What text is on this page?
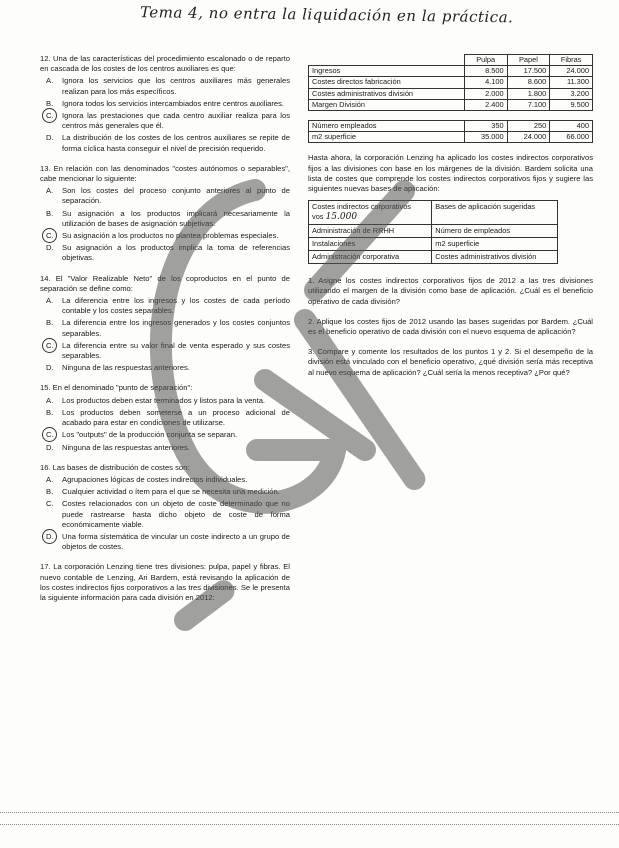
Tema 4, no entra la liquidación en la práctica.
12. Una de las características del procedimiento escalonado o de reparto en cascada de los costes de los centros auxiliares es que:
A.	Ignora los servicios que los centros auxiliares más generales realizan para los más específicos.
B.	Ignora todos los servicios intercambiados entre centros auxiliares.
C.	Ignora las prestaciones que cada centro auxiliar realiza para los centros más generales que él.
D.	La distribución de los costes de los centros auxiliares se repite de forma cíclica hasta conseguir el nivel de precisión requerido.
13. En relación con las denominados "costes autónomos o separables", cabe mencionar lo siguiente:
A.	Son los costes del proceso conjunto anteriores al punto de separación.
B.	Su asignación a los productos implicará necesariamente la utilización de bases de asignación subjetivas.
C.	Su asignación a los productos no plantea problemas especiales.
D.	Su asignación a los productos implica la toma de referencias objetivas.
14. El "Valor Realizable Neto" de los coproductos en el punto de separación se define como:
A.	La diferencia entre los ingresos y los costes de cada período contable y los costes separables.
B.	La diferencia entre los ingresos generados y los costes conjuntos separables.
C.	La diferencia entre su valor final de venta esperado y sus costes separables.
D.	Ninguna de las respuestas anteriores.
15. En el denominado "punto de separación":
A.	Los productos deben estar terminados y listos para la venta.
B.	Los productos deben someterse a un proceso adicional de acabado para estar en condiciones de utilizarse.
C.	Los "outputs" de la producción conjunta se separan.
D.	Ninguna de las respuestas anteriores.
16. Las bases de distribución de costes son:
A.	Agrupaciones lógicas de costes indirectos individuales.
B.	Cualquier actividad o ítem para el que se necesita una medición.
C.	Costes relacionados con un objeto de coste determinado que no puede rastrearse hasta dicho objeto de coste de forma económicamente viable.
D.	Una forma sistemática de vincular un coste indirecto a un grupo de objetos de costes.
17. La corporación Lenzing tiene tres divisiones: pulpa, papel y fibras. El nuevo contable de Lenzing, Ari Bardem, está revisando la aplicación de los costes indirectos fijos corporativos a las tres divisiones. Se le presenta la siguiente información para cada división en 2012:
	Pulpa	Papel	Fibras
Ingresos	8.500	17.500	24.000
Costes directos fabricación	4.100	8.600	11.300
Costes administrativos división	2.000	1.800	3.200
Margen División	2.400	7.100	9.500

Número empleados	350	250	400
m2 superficie	35.000	24.000	66.000
Hasta ahora, la corporación Lenzing ha aplicado los costes indirectos corporativos fijos a las divisiones con base en los márgenes de la división. Bardem solicita una lista de costes que comprende los costes indirectos corporativos fijos y sugiere las siguientes nuevas bases de aplicación:
Costes indirectos corporativos
vos 15.000	Bases de aplicación sugeridas
Administración de RRHH	Número de empleados
Instalaciones	m2 superficie
Administración corporativa	Costes administrativos división
1. Asigne los costes indirectos corporativos fijos de 2012 a las tres divisiones utilizando el margen de la división como base de aplicación. ¿Cuál es el beneficio operativo de cada división?
2. Aplique los costes fijos de 2012 usando las bases sugeridas por Bardem. ¿Cuál es el beneficio operativo de cada división con el nuevo esquema de aplicación?
3. Compare y comente los resultados de los puntos 1 y 2. Si el desempeño de la división está vinculado con el beneficio operativo, ¿qué división sería más receptiva al nuevo esquema de aplicación? ¿Cuál sería la menos receptiva? ¿Por qué?
